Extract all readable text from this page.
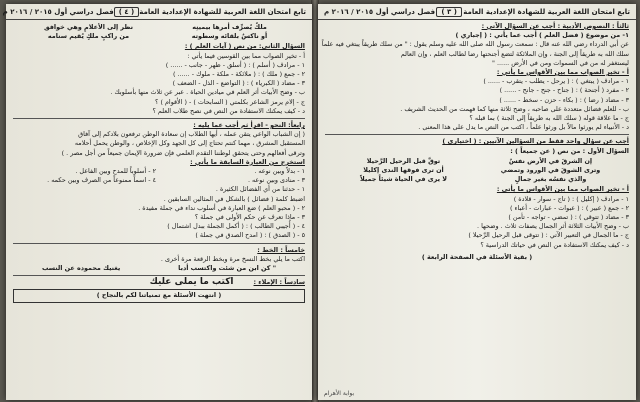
تابع امتحان اللغة العربية للشهادة الإعدادية العامة
( ٤ )
فصل دراسي أول ٢٠١٥ / ٢٠١٦ م
ملكٌ يُصرِّف أمرها بيمينِه
نظر إلى الأعلامِ وهي خوافق
أو ناكسٌ بلقائه وسطوته
من راكبٍ ملكٍ يُقيم سنامه
السؤال الثاني: من نص ( آيات العلم ) :
أ - تخير الصواب مما بين القوسين فيما يأتي :
١ - مرادف ( أسلم ) : ( أسلق - ظهر - جانب - ...... )
٢ - جمع ( ملك ) : ( ملائكة - ملكة - ملوك - ...... )
٣ - مضاد ( الكبرياء ) : ( التواضع - الذل - الضعف )
ب - وضح الأبيات أثر العلم في ميادين الحياة . عبر عن ثلاث منها بأسلوبك .
ج - إلام يرمز الشاعر بكلمتي ( السابحات ) - ( الأقوام ) ؟
د - كيف يمكنك الاستفادة من النص في نصح طلاب العلم ؟
رابعاً: النحو - اقرأ ثم أجب عما يليه :
( إن الشباب الواعي يتقن عمله ، أيها الطلاب إن سعادة الوطن ترفعون بلادكم إلى آفاق
المستقبل المشرق ، مهما كنتم تحتاج إلى كل الجهد وكل الإخلاص ، والوطن يحمل أحلامه
وترقى أفعالهم وحتى يتحقق لوطننا التقدم العلمي فإن ضرورة الإيمان جميعاً من أجل مصر . )
استخرج من العبارة السابقة ما يأتي :
١ - بدلاً وبين نوعه .
٢ - أسلوباً للمدح وبين الفاعل .
٣ - منادى وبين نوعه .
٤ - اسماً ممنوعاً من الصرف وبين حكمه .
١ - حدثنا من أي الفضائل الكثيرة .
اضبط كلمة ( فضائل ) بالشكل في المثالين السابقين .
٢ - ( محبو العلم ) ضع العبارة في أسلوب نداء في جملة مفيدة .
٣ - ماذا تعرف عن حكم الأولى في جملة ؟
٤ - ( أُجيبي الطالب ) : ( أكمل الجملة ببدل اشتمال )
٥ - ( الصدق ) : ( امدح الصدق في جملة )
خامساً : الخط :
اكتب ما يلي بخط النسخ مرة وبخط الرقعة مرة أخرى .
" كن ابن من شئت واكتسب أدبا
يغنيك محموده عن النسب
سادساً : الإملاء :
اكتب ما يملى عليك
( انتهت الأسئلة مع تمنياتنا لكم بالنجاح )
تابع امتحان اللغة العربية للشهادة الإعدادية العامة
( ٣ )
فصل دراسي أول ٢٠١٥ / ٢٠١٦ م
ثالثاً : النصوص الأدبية : أجب عن السؤال الآتي :
١- من موضوع ( فضل العلم ) أجب عما يأتي : ( إجباري )
عن أبي الدرداء رضي الله عنه قال : سمعت رسول الله صلى الله عليه وسلم يقول : " من سلك طريقاً يبتغي فيه علماً
سلك الله به طريقاً إلى الجنة ، وإن الملائكة لتضع أجنحتها رضا لطالب العلم ، وإن العالم
ليستغفر له من في السموات ومن في الأرض ...... "
أ - تخير الصواب مما بين الأقواس ما يأتي :
١ - مرادف ( يبتغي ) : ( يرحل - يطلب - يتقرب - ...... )
٢ - مفرد ( أجنحة ) : ( جناح - جنح - جانح - ...... )
٣ - مضاد ( رضا ) : ( بكاء - حزن - سخط - ...... )
ب - للعلم فضائل متعددة على صاحبه ، وضح ثلاثة منها كما فهمت من الحديث الشريف .
ج - ما علاقة قوله ( سلك الله به طريقاً إلى الجنة ) بما قبله ؟
د - الأنبياء لم يورثوا مالاً بل ورثوا علماً ، اكتب من النص ما يدل على هذا المعنى .
أجب عن سؤال واحد فقط من السؤالين الآتيين : ( اختياري )
السؤال الأول : من نص ( عن جميعاً ) :
إن الشرقَ في الأرض نفسٌ
توقَّ قبل الرحيل الرَّحيلا
وترى الشوقَ في الورود وتمضي
أن ترى فوقها الندى إكليلا
والذي نفسُه بغير جمالٍ
لا يرى في الحياة شيئاً جميلاً
أ - تخير الصواب مما بين الأقواس ما يأتي :
١ - مرادف ( إكليل ) : ( تاج - سوار - قلادة )
٢ - جمع ( عبير ) : ( عبوات - عبارات - أعباء )
٣ - مضاد ( تتوقى ) : ( تمضي - تواجه - تأمن )
ب - وضح الأبيات الثلاثة أثر الجمال يصفات ثلاث . وضحها .
ج - ما الجمال في التعبير الآتي : ( تتوقى قبل الرحيل الرَّحيلا )
د - كيف يمكنك الاستفادة من النص في حياتك الدراسية ؟
( بقية الأسئلة في الصفحة الرابعة )
بوابة الأهرام
